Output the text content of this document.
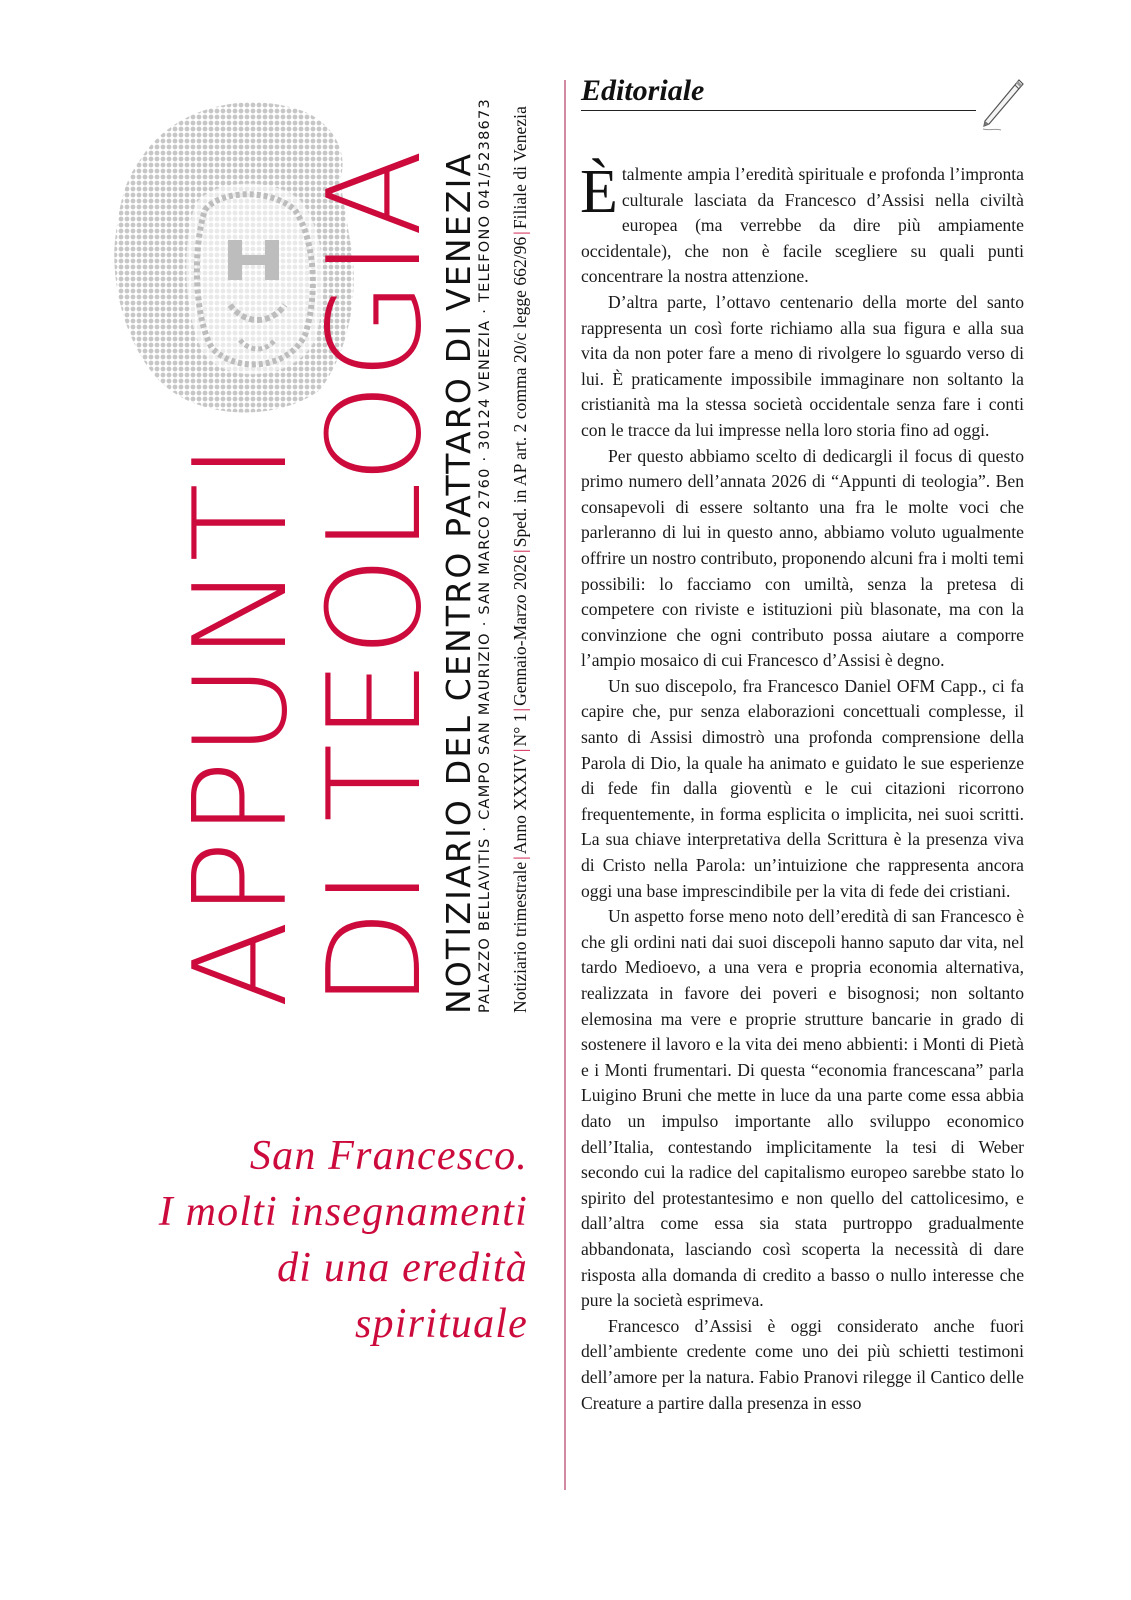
APPUNTI
DI TEOLOGIA
NOTIZIARIO DEL CENTRO PATTARO DI VENEZIA PALAZZO BELLAVITIS · CAMPO SAN MAURIZIO · SAN MARCO 2760 · 30124 VENEZIA · TELEFONO 041/5238673 Notiziario trimestrale|Anno XXXIV|N° 1|Gennaio-Marzo 2026|Sped. in AP art. 2 comma 20/c legge 662/96|Filiale di Venezia
San Francesco.
I molti insegnamenti
di una eredità
spirituale
Editoriale

Ètalmente ampia l’eredità spirituale e profonda l’impronta culturale lasciata da Francesco d’Assisi nella civiltà europea (ma verrebbe da dire più ampiamente occidentale), che non è facile scegliere su quali punti concentrare la nostra attenzione.

D’altra parte, l’ottavo centenario della morte del santo rappresenta un così forte richiamo alla sua figura e alla sua vita da non poter fare a meno di rivolgere lo sguardo verso di lui. È praticamente impossibile immaginare non soltanto la cristianità ma la stessa società occidentale senza fare i conti con le tracce da lui impresse nella loro storia fino ad oggi.

Per questo abbiamo scelto di dedicargli il focus di questo primo numero dell’annata 2026 di “Appunti di teologia”. Ben consapevoli di essere soltanto una fra le molte voci che parleranno di lui in questo anno, abbiamo voluto ugualmente offrire un nostro contributo, proponendo alcuni fra i molti temi possibili: lo facciamo con umiltà, senza la pretesa di competere con riviste e istituzioni più blasonate, ma con la convinzione che ogni contributo possa aiutare a comporre l’ampio mosaico di cui Francesco d’Assisi è degno.

Un suo discepolo, fra Francesco Daniel OFM Capp., ci fa capire che, pur senza elaborazioni concettuali complesse, il santo di Assisi dimostrò una profonda comprensione della Parola di Dio, la quale ha animato e guidato le sue esperienze di fede fin dalla gioventù e le cui citazioni ricorrono frequentemente, in forma esplicita o implicita, nei suoi scritti. La sua chiave interpretativa della Scrittura è la presenza viva di Cristo nella Parola: un’intuizione che rappresenta ancora oggi una base imprescindibile per la vita di fede dei cristiani.

Un aspetto forse meno noto dell’eredità di san Francesco è che gli ordini nati dai suoi discepoli hanno saputo dar vita, nel tardo Medioevo, a una vera e propria economia alternativa, realizzata in favore dei poveri e bisognosi; non soltanto elemosina ma vere e proprie strutture bancarie in grado di sostenere il lavoro e la vita dei meno abbienti: i Monti di Pietà e i Monti frumentari. Di questa “economia francescana” parla Luigino Bruni che mette in luce da una parte come essa abbia dato un impulso importante allo sviluppo economico dell’Italia, contestando implicitamente la tesi di Weber secondo cui la radice del capitalismo europeo sarebbe stato lo spirito del protestantesimo e non quello del cattolicesimo, e dall’altra come essa sia stata purtroppo gradualmente abbandonata, lasciando così scoperta la necessità di dare risposta alla domanda di credito a basso o nullo interesse che pure la società esprimeva.

Francesco d’Assisi è oggi considerato anche fuori dell’ambiente credente come uno dei più schietti testimoni dell’amore per la natura. Fabio Pranovi rilegge il Cantico delle Creature a partire dalla presenza in esso
